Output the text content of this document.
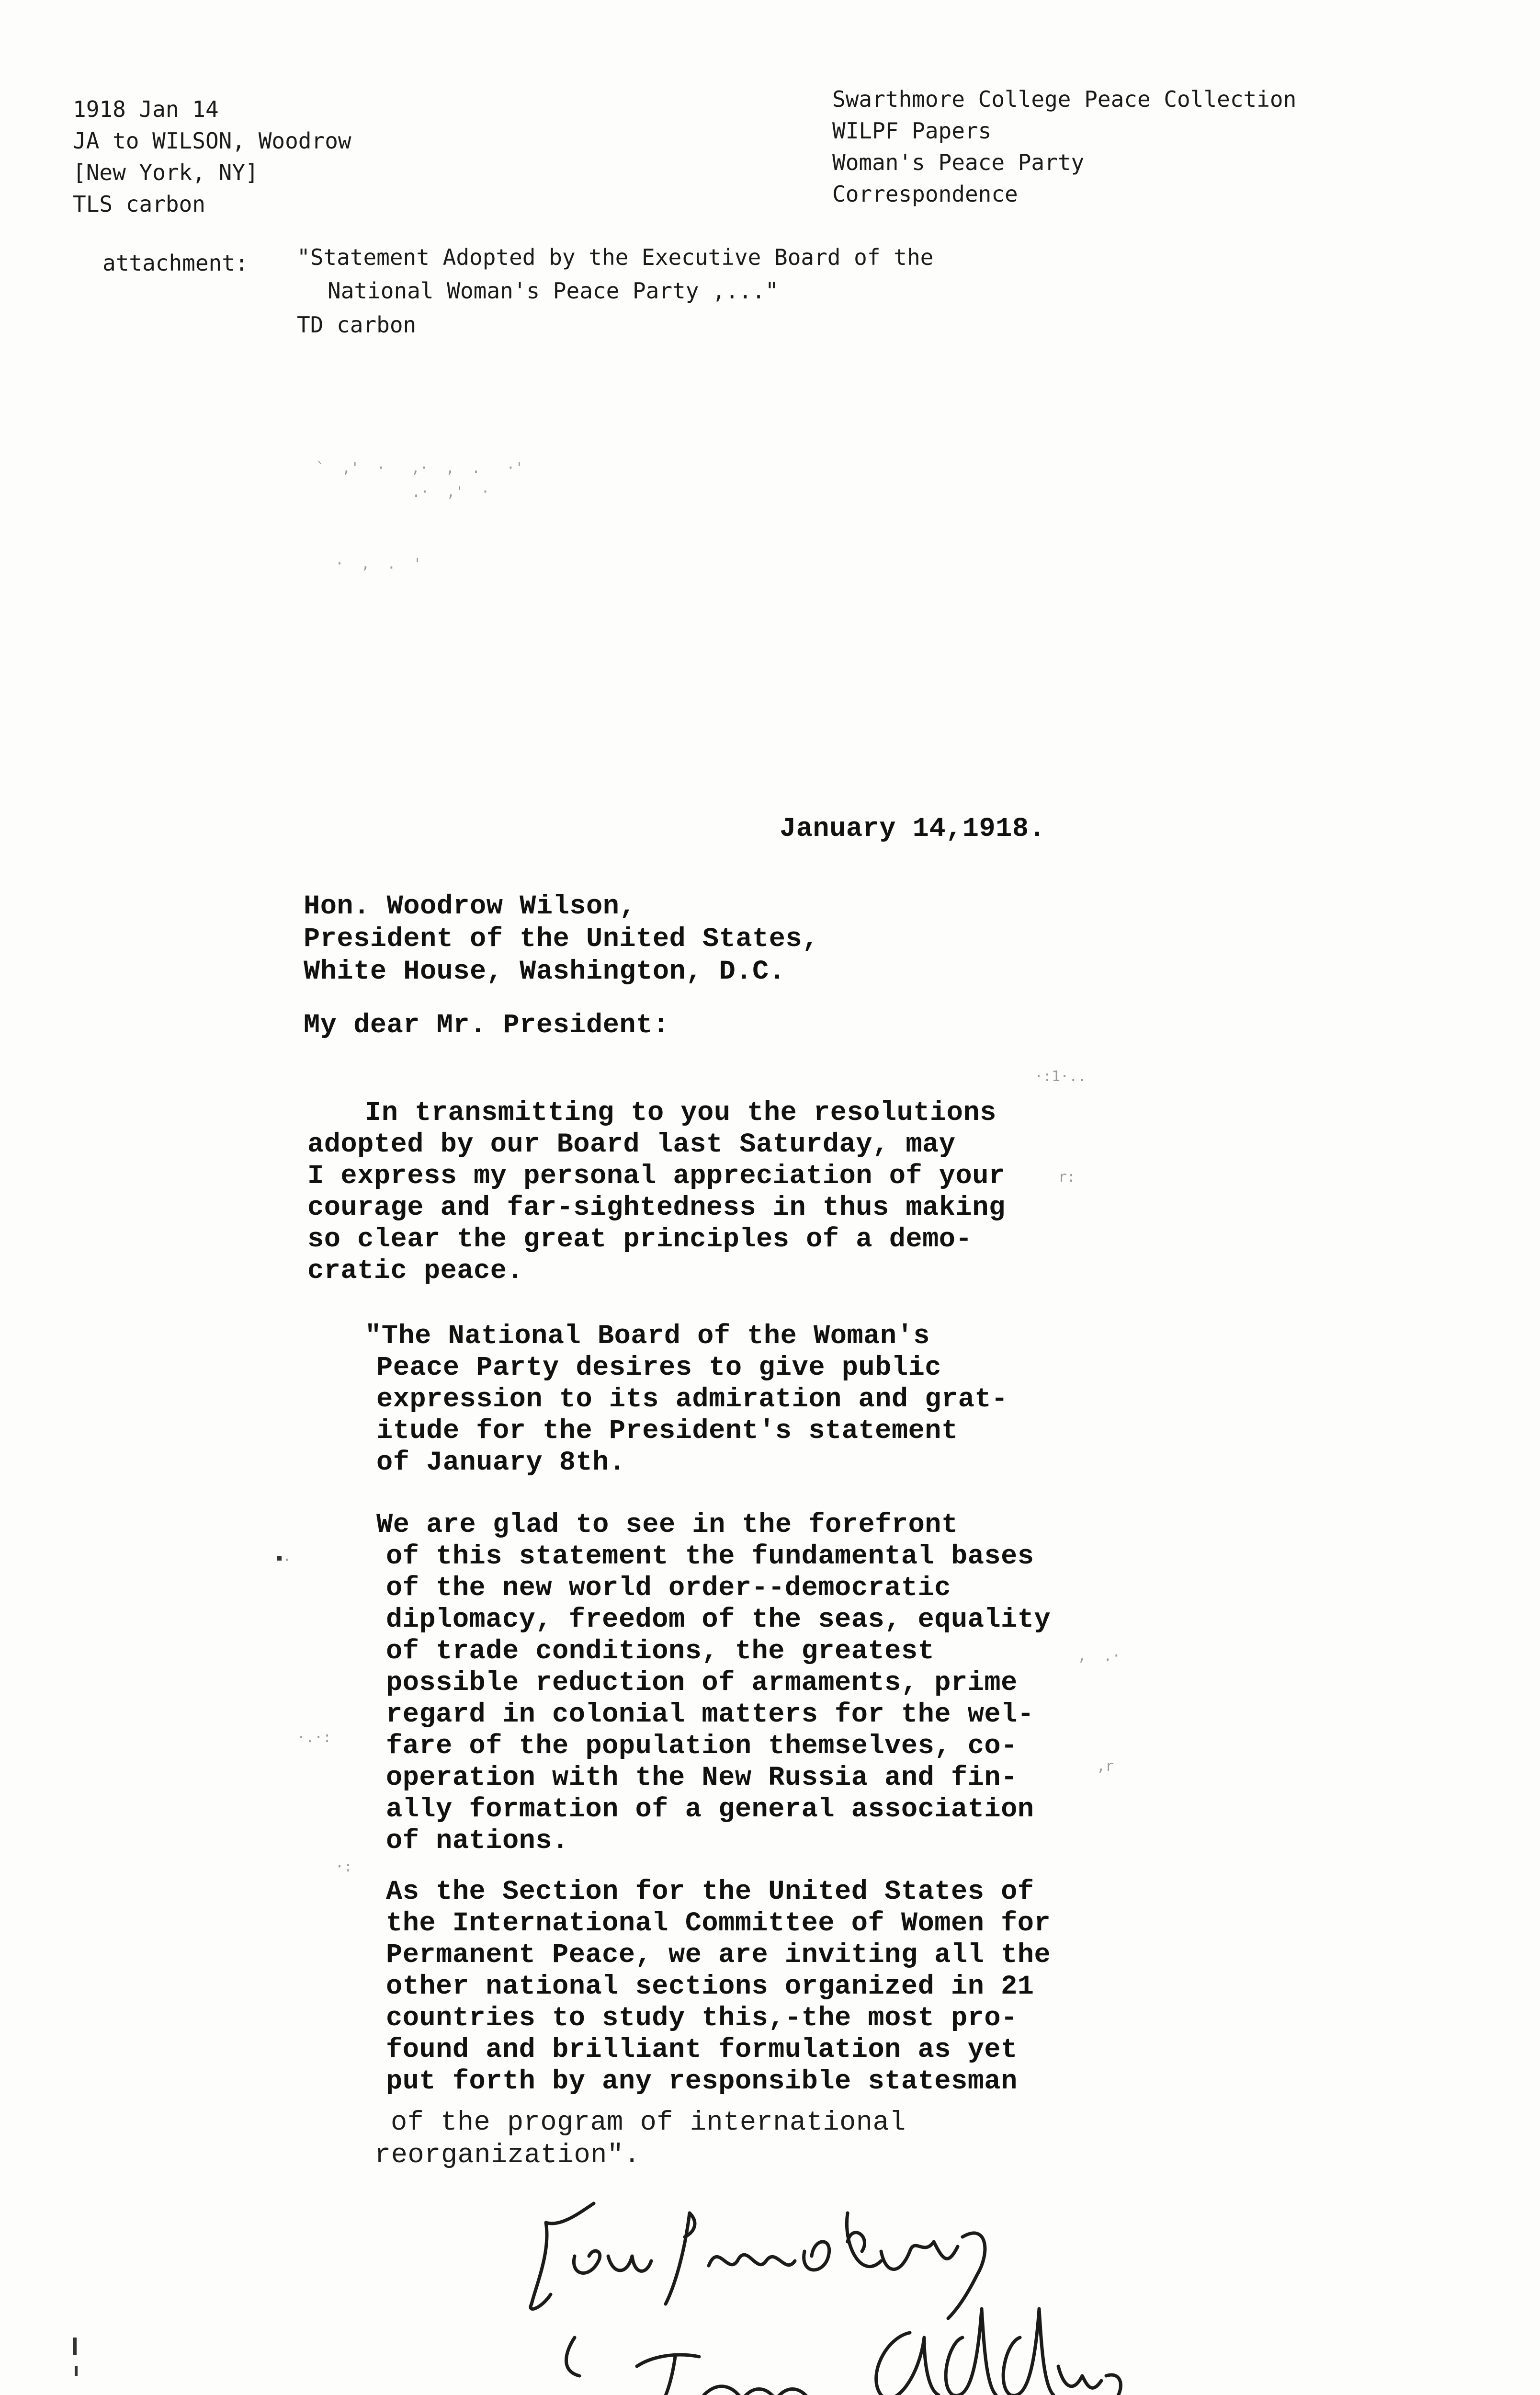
1918 Jan 14
JA to WILSON, Woodrow
[New York, NY]
TLS carbon
Swarthmore College Peace Collection
WILPF Papers
Woman's Peace Party
Correspondence
attachment: "Statement Adopted by the Executive Board of the
National Woman's Peace Party ,..."
TD carbon
`  ,'  ·   ,·  ,  .   ·'
.·  ,'  ·
·  ,  .  '
January 14,1918.
Hon. Woodrow Wilson,
President of the United States,
White House, Washington, D.C.
My dear Mr. President:
In transmitting to you the resolutions
adopted by our Board last Saturday, may
I express my personal appreciation of your
courage and far-sightedness in thus making
so clear the great principles of a demo-
cratic peace.
"The National Board of the Woman's
Peace Party desires to give public
expression to its admiration and grat-
itude for the President's statement
of January 8th.
We are glad to see in the forefront
of this statement the fundamental bases
of the new world order--democratic
diplomacy, freedom of the seas, equality
of trade conditions, the greatest
possible reduction of armaments, prime
regard in colonial matters for the wel-
fare of the population themselves, co-
operation with the New Russia and fin-
ally formation of a general association
of nations.
As the Section for the United States of
the International Committee of Women for
Permanent Peace, we are inviting all the
other national sections organized in 21
countries to study this,-the most pro-
found and brilliant formulation as yet
put forth by any responsible statesman
of the program of international
reorganization".
·:1·..
r:
,  .·
,r
·.·:
·:
·
